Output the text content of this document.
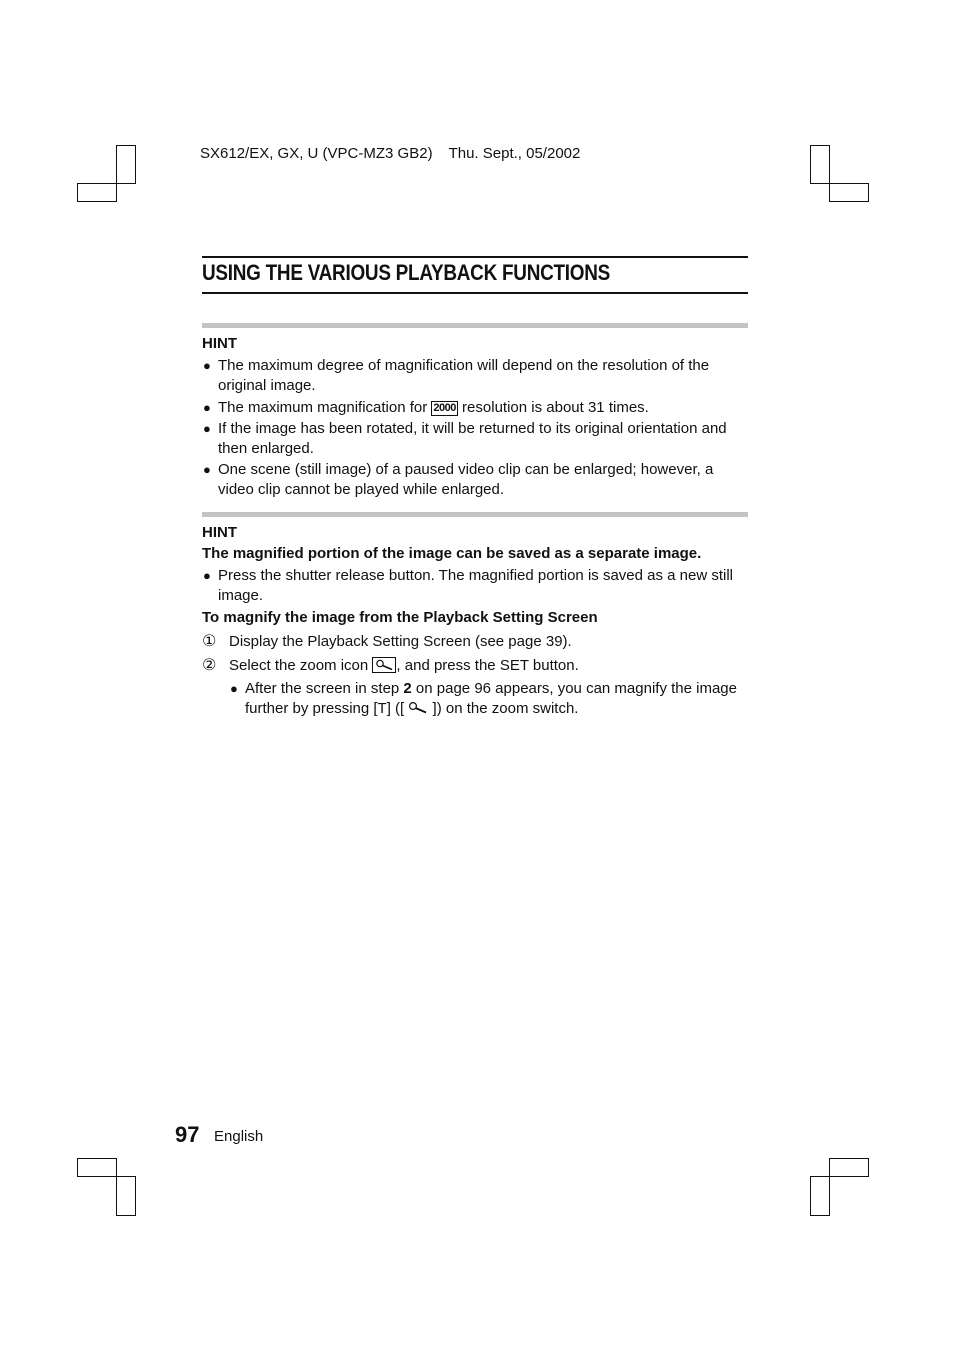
SX612/EX, GX, U (VPC-MZ3 GB2) Thu. Sept., 05/2002
USING THE VARIOUS PLAYBACK FUNCTIONS
HINT
● The maximum degree of magnification will depend on the resolution of the original image.
● The maximum magnification for 2000 resolution is about 31 times.
● If the image has been rotated, it will be returned to its original orientation and then enlarged.
● One scene (still image) of a paused video clip can be enlarged; however, a video clip cannot be played while enlarged.
HINT
The magnified portion of the image can be saved as a separate image.
● Press the shutter release button. The magnified portion is saved as a new still image.
To magnify the image from the Playback Setting Screen
① Display the Playback Setting Screen (see page 39).
② Select the zoom icon
, and press the SET button.
● After the screen in step 2 on page 96 appears, you can magnify the image further by pressing [T] ([  ]) on the zoom switch.
97 English
